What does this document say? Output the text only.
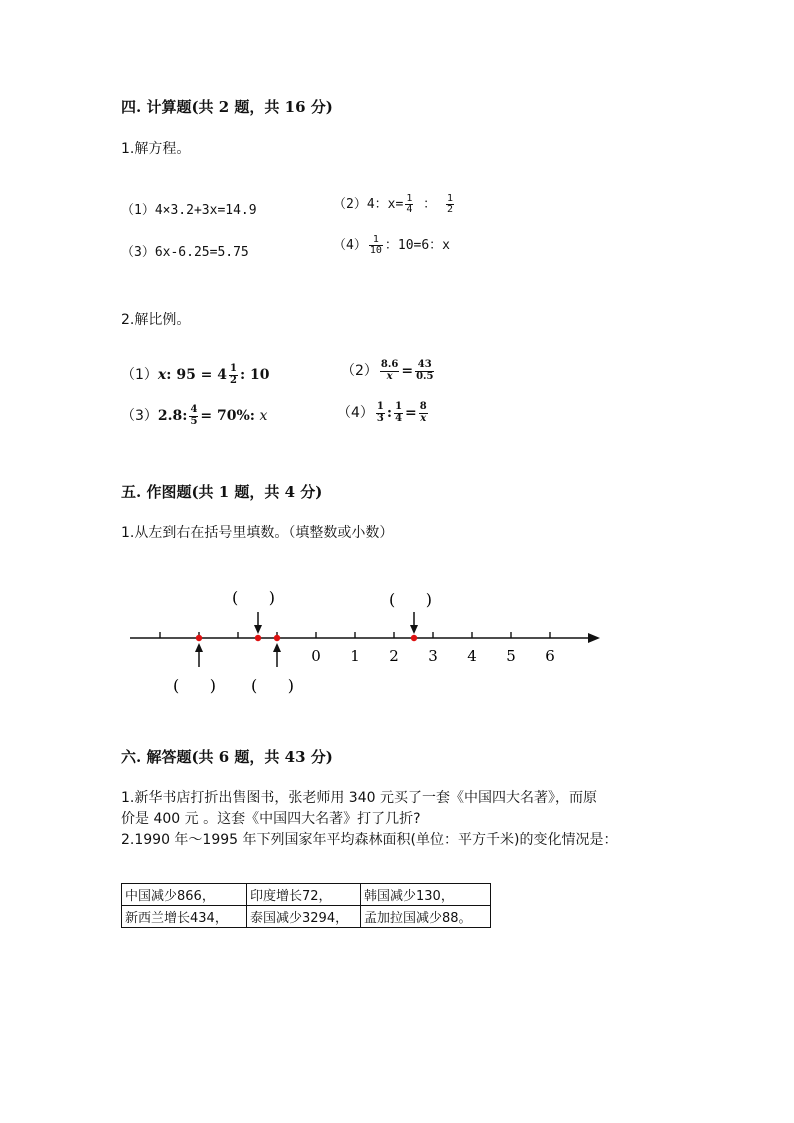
四. 计算题(共 2 题，共 16 分)
1.解方程。
（1）4×3.2+3x=14.9	（2）4：$x= \frac{1}{4}$ ： $\frac{1}{2}$
（3）6x-6.25=5.75	$(4) \frac{1}{10}$ ：10=6：x
2.解比例。
（1）x: $95 = 4 \frac{1}{2}$ : 10	$(2) \frac{8.6}{x} = \frac{43}{0.5}$
（3）2.8: $\frac{4}{5} = 70\%$: x	$(4) \frac{1}{3}$ : $\frac{1}{4} = \frac{8}{x}$
五. 作图题(共 1 题，共 4 分)
1.从左到右在括号里填数。（填整数或小数）
0 1 2 3 4 5 6
(      )	(      )
(      ) (      )
六. 解答题(共 6 题，共 43 分)
1.新华书店打折出售图书，张老师用 340 元买了一套《中国四大名著》，而原
价是 400 元 。这套《中国四大名著》打了几折?
2.1990 年～1995 年下列国家年平均森林面积(单位：平方千米)的变化情况是：
中国减少866，	印度增长72，	韩国减少130，
新西兰增长434，	泰国减少3294，	孟加拉国减少88。
